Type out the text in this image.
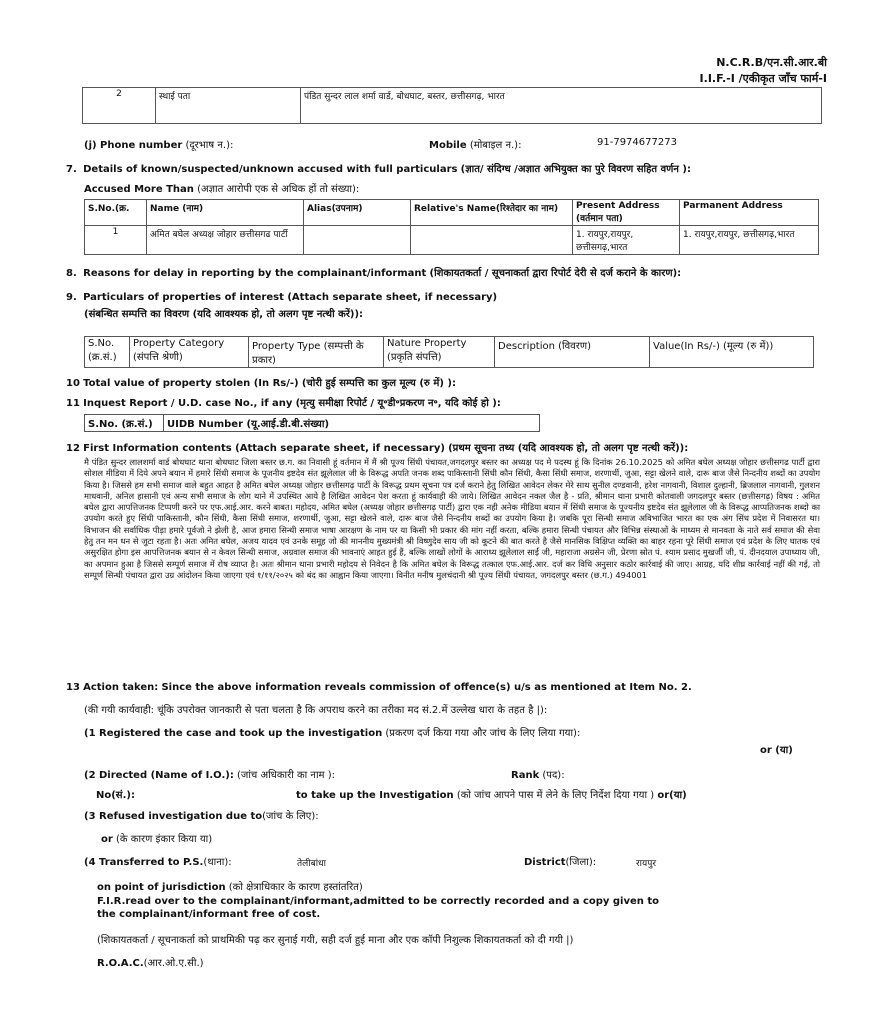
N.C.R.B/एन.सी.आर.बी
I.I.F.-I /एकीकृत जाँच फार्म-I
2	स्थाई पता	पंडित सुन्दर लाल शर्मा वार्ड, बोधघाट, बस्तर, छत्तीसगढ़, भारत
(j) Phone number (दूरभाष न.):	Mobile (मोबाइल न.):	91-7974677273
7. Details of known/suspected/unknown accused with full particulars (ज्ञात/ संदिग्ध /अज्ञात अभियुक्त का पुरे विवरण सहित वर्णन ):
Accused More Than (अज्ञात आरोपी एक से अधिक हों तो संख्या):
S.No.(क्र.	Name (नाम)	Alias(उपनाम)	Relative's Name(रिश्तेदार का नाम)	Present Address (वर्तमान पता)	Parmanent Address
1	अमित बघेल अध्यक्ष जोहार छत्तीसगढ पार्टी			1. रायपुर,रायपुर, छत्तीसगढ़,भारत	1. रायपुर,रायपुर, छत्तीसगढ़,भारत
8. Reasons for delay in reporting by the complainant/informant (शिकायतकर्ता / सूचनाकर्ता द्वारा रिपोर्ट देरी से दर्ज कराने के कारण):
9. Particulars of properties of interest (Attach separate sheet, if necessary)
(संबन्धित सम्पत्ति का विवरण (यदि आवश्यक हो, तो अलग पृष्ट नत्थी करें)):
S.No. (क्र.सं.)	Property Category (संपत्ति श्रेणी)	Property Type (सम्पत्ती के प्रकार)	Nature Property (प्रकृति संपत्ति)	Description (विवरण)	Value(In Rs/-) (मूल्य (रु में))
10 Total value of property stolen (In Rs/-) (चोरी हुई सम्पत्ति का कुल मूल्य (रु में) ):
11 Inquest Report / U.D. case No., if any (मृत्यु समीक्षा रिपोर्ट / यू॰डी॰प्रकरण न॰, यदि कोई हो ):
S.No. (क्र.सं.)	UIDB Number (यू.आई.डी.बी.संख्या)
12 First Information contents (Attach separate sheet, if necessary) (प्रथम सूचना तथ्य (यदि आवश्यक हो, तो अलग पृष्ट नत्थी करें)):
मै पंडित सुन्दर लालशर्मा वार्ड बोधघाट थाना बोधघाट जिला बस्तर छ.ग. का निवासी हूं वर्तमान में मैं श्री पूज्य सिंधी पंचायत,जगदलपुर बस्तर का अध्यक्ष पद मे पदस्थ हूं कि दिनांक 26.10.2025 को अमित बघेल अध्यक्ष जोहार छत्तीसगढ पार्टी द्वारा सोशल मीडिया में दिये अपने बयान में हमारे सिंधी समाज के पूजनीय इष्टदेव संत झूलेलाल जी के विरूद्ध अपति जनक शब्द पाकिस्तानी सिंधी कौन सिंधी, कैसा सिंधी समाज, शरणार्थी, जुआ, सट्टा खेलने वाले, दारू बाज जैसे निन्दनीय शब्दों का उपयोग किया है। जिससे हम सभी समाज वाले बहुत आहत है अमित बघेल अध्यक्ष जोहार छत्तीसगढ़ पार्टी के विरूद्ध प्रथम सूचना पत्र दर्ज कराने हेतु लिखित आवेदन लेकर मेरे साथ सुनील दण्डवानी, हरेश नागवानी, विशाल दुल्हानी, ब्रिजलाल नागवानी, गुलशन माधवानी, अनिल हासानी एवं अन्य सभी समाज के लोग थाने में उपस्थित आये है लिखित आवेदन पेश करता हूं कार्यवाही की जाये। लिखित आवेदन नकल जैल है - प्रति, श्रीमान थाना प्रभारी कोतवाली जगदलपुर बस्तर (छत्तीसगढ़) विषय : अमित बघेल द्वारा आपत्तिजनक टिप्पणी करने पर एफ.आई.आर. करने बाबत। महोदय, अमित बघेल (अध्यक्ष जोहार छत्तीसगढ़ पार्टी) द्वारा एक नही अनेक मीडिया बयान में सिंधी समाज के पूज्यनीय इष्टदेव संत झूलेलाल जी के विरूद्ध आप्पतिजनक शब्दो का उपयोग करते हुए सिंधी पाकिस्तानी, कौन सिंधी, कैसा सिंधी समाज, शरणार्थी, जुआ, सट्टा खेलने वाले, दारू बाज जैसे निन्दनीय शब्दों का उपयोग किया है। जबकि पूरा सिन्धी समाज अविभाजित भारत का एक अंग सिंध प्रदेश में निवासरत था। विभाजन की सर्वाधिक पीड़ा हमारे पूर्वजो ने झेली है, आज हमारा सिन्धी समाज भाषा आरक्षण के नाम पर या किसी भी प्रकार की मांग नहीं करता, बल्कि हमारा सिन्धी पंचायत और विभिन्न संस्थाओं के माध्यम से मानवता के नाते सर्व समाज की सेवा हेतु तन मन धन से जुटा रहता है। अतः अमित बघेल, अजय यादव एवं उनके समूह जो की माननीय मुख्यमंत्री श्री विष्णुदेव साय जी को कूटने की बात करते है जैसे मानसिक विक्षिप्त व्यक्ति का बाहर रहना पूरे सिंधी समाज एवं प्रदेश के लिए घातक एवं असुरक्षित होगा इस आपत्तिजनक बयान से न केवल सिन्धी समाज, अग्रवाल समाज की भावनाएं आहत हुई हैं, बल्कि लाखों लोगों के आराध्य झूलेलाल साईं जी, महाराजा अग्रसेन जी, प्रेरणा स्रोत पं. श्याम प्रसाद मुखर्जी जी, पं. दीनदयाल उपाध्याय जी, का अपमान हुआ है जिससे सम्पूर्ण समाज में रोष व्याप्त है। अतः श्रीमान थाना प्रभारी महोदय से निवेदन है कि अमित बघेल के विरूद्ध तत्काल एफ.आई.आर. दर्ज कर विधि अनुसार कठोर कार्रवाई की जाए। आग्रह, यदि शीघ्र कार्रवाई नहीं की गई, तो सम्पूर्ण सिन्धी पंचायत द्वारा उग्र आंदोलन किया जाएगा एवं १/११/२०२५ को बंद का आह्वान किया जाएगा। विनीत मनीष मुलचंदानी श्री पूज्य सिंधी पंचायत, जगदलपुर बस्तर (छ.ग.) 494001
13 Action taken: Since the above information reveals commission of offence(s) u/s as mentioned at Item No. 2.
(की गयी कार्यवाही: चूंकि उपरोक्त जानकारी से पता चलता है कि अपराध करने का तरीका मद सं.2.में उल्लेख धारा के तहत है |):
(1 Registered the case and took up the investigation (प्रकरण दर्ज किया गया और जांच के लिए लिया गया):
or (या)
(2 Directed (Name of I.O.): (जांच अधिकारी का नाम ):	Rank (पद):
No(सं.):	to take up the Investigation (को जांच आपने पास में लेने के लिए निर्देश दिया गया ) or(या)
(3 Refused investigation due to(जांच के लिए):
or (के कारण इंकार किया या)
(4 Transferred to P.S.(थाना):	तेलीबांधा	District(जिला):	रायपुर
on point of jurisdiction (को क्षेत्राधिकार के कारण हस्तांतरित)
F.I.R.read over to the complainant/informant,admitted to be correctly recorded and a copy given to the complainant/informant free of cost.
(शिकायतकर्ता / सूचनाकर्ता को प्राथमिकी पढ़ कर सुनाई गयी, सही दर्ज हुई माना और एक कॉपी निशुल्क शिकायतकर्ता को दी गयी |)
R.O.A.C.(आर.ओ.ए.सी.)
